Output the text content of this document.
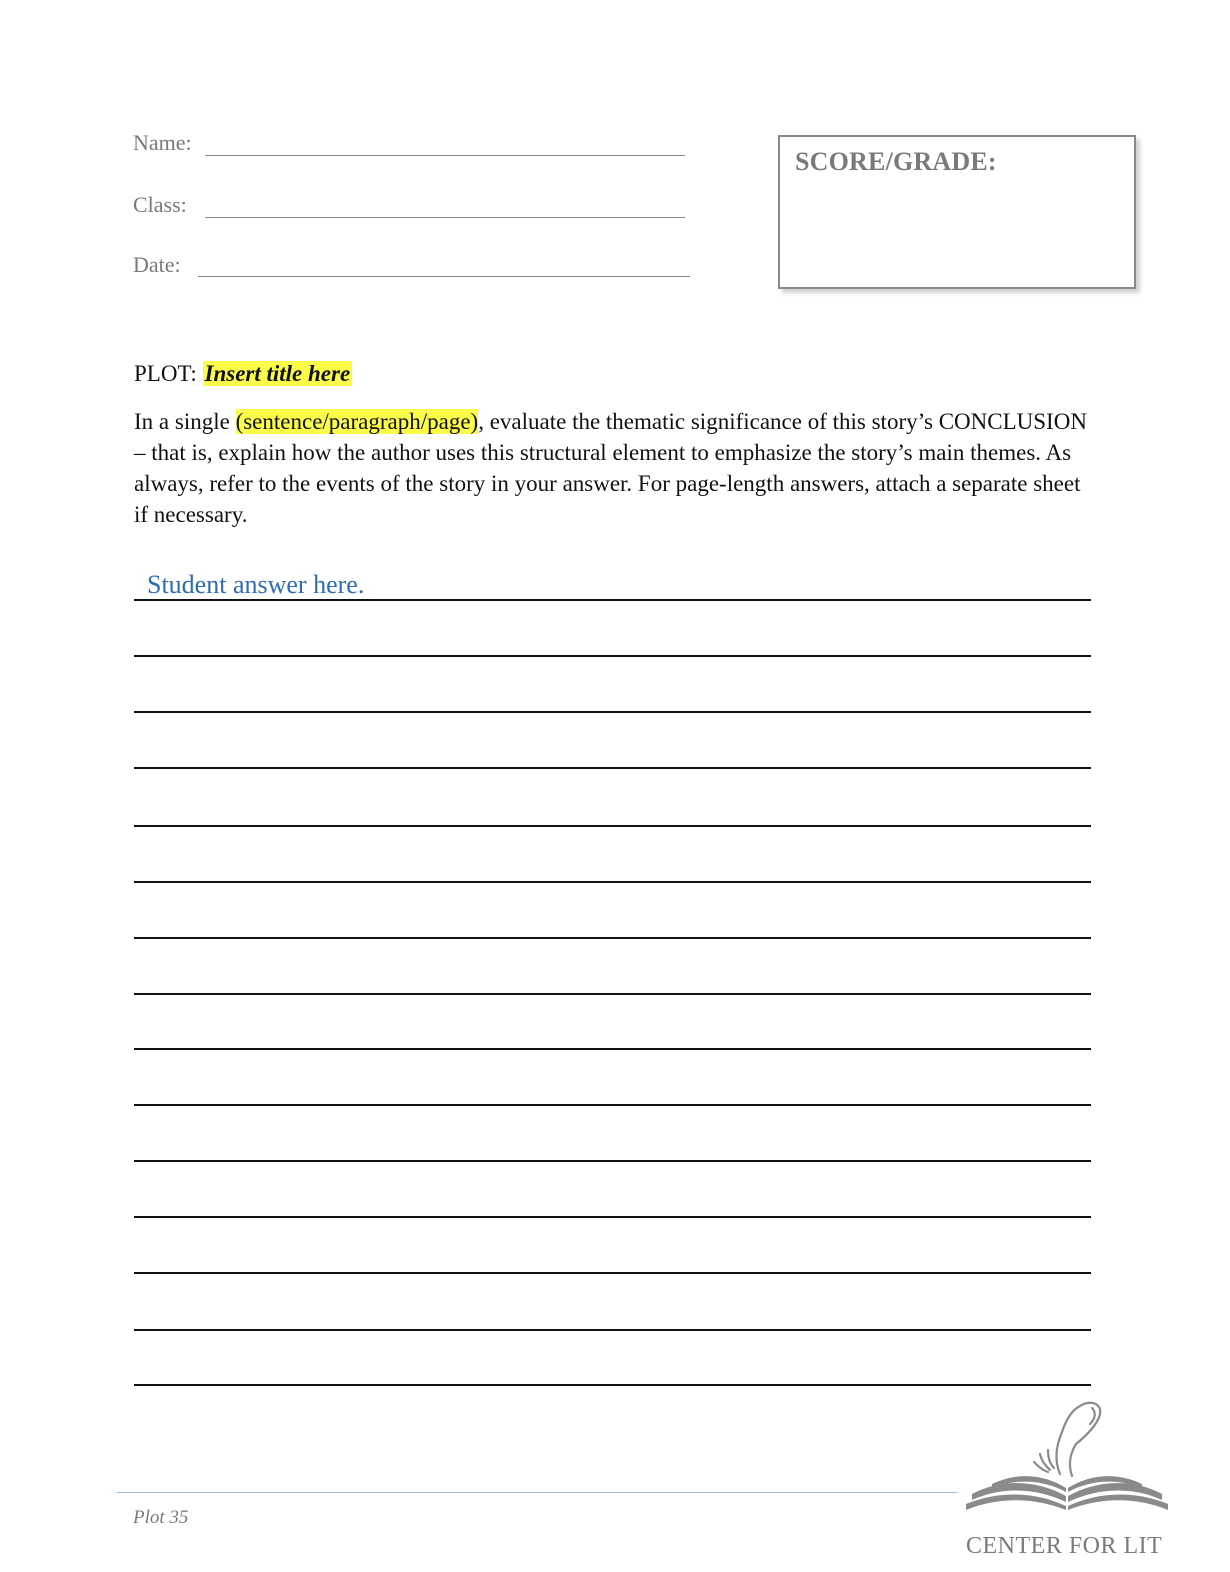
Name:
Class:
Date:
SCORE/GRADE:
PLOT: Insert title here

In a single (sentence/paragraph/page), evaluate the thematic significance of this story’s CONCLUSION – that is, explain how the author uses this structural element to emphasize the story’s main themes. As always, refer to the events of the story in your answer. For page-length answers, attach a separate sheet if necessary.

Student answer here.
Plot 35
CENTER FOR LIT
